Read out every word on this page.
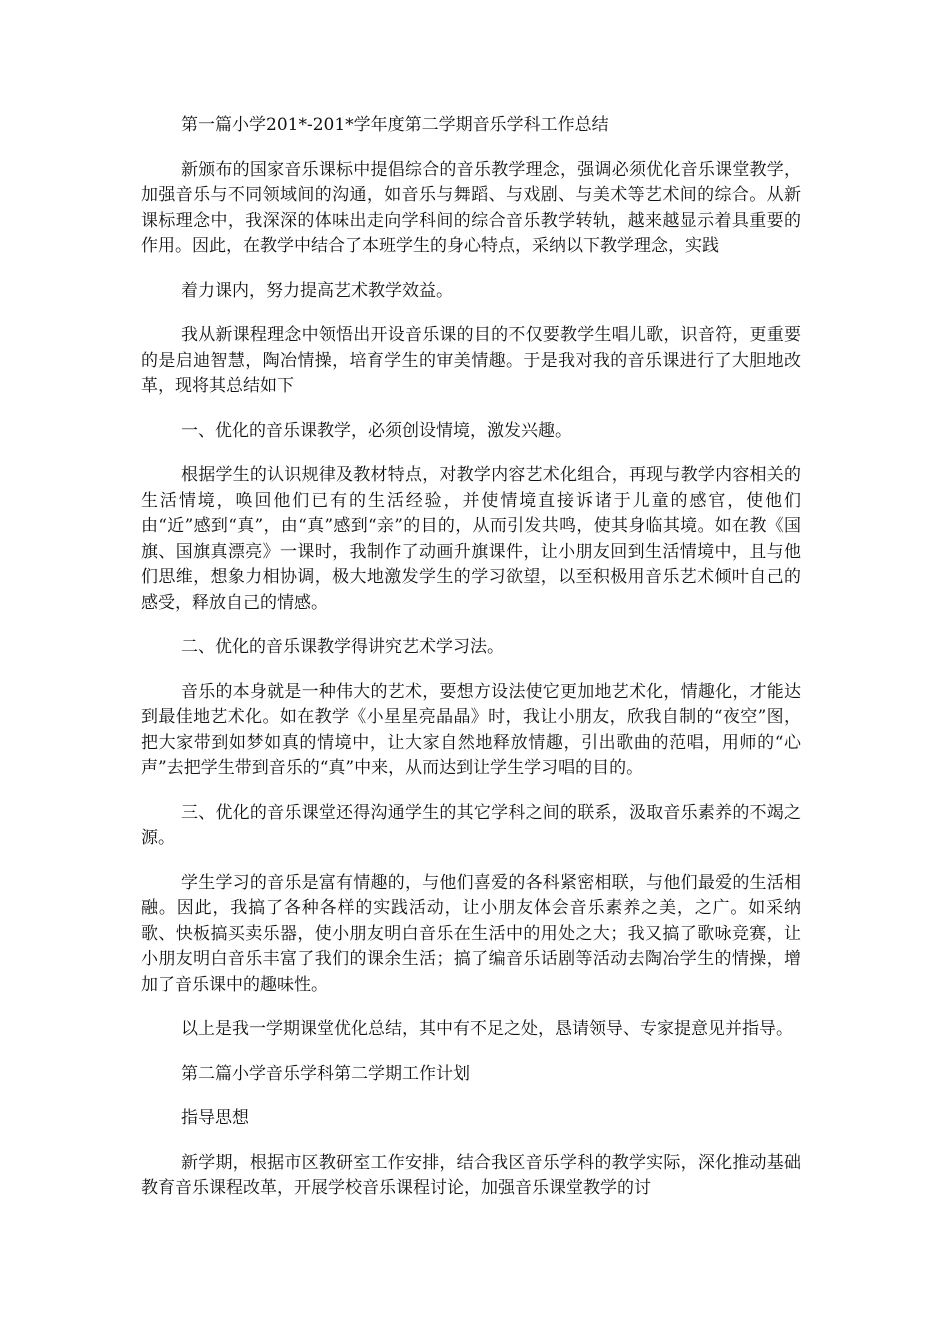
第一篇小学201*-201*学年度第二学期音乐学科工作总结

新颁布的国家音乐课标中提倡综合的音乐教学理念，强调必须优化音乐课堂教学，加强音乐与不同领域间的沟通，如音乐与舞蹈、与戏剧、与美术等艺术间的综合。从新课标理念中，我深深的体味出走向学科间的综合音乐教学转轨，越来越显示着具重要的作用。因此，在教学中结合了本班学生的身心特点，采纳以下教学理念，实践

着力课内，努力提高艺术教学效益。

我从新课程理念中领悟出开设音乐课的目的不仅要教学生唱儿歌，识音符，更重要的是启迪智慧，陶冶情操，培育学生的审美情趣。于是我对我的音乐课进行了大胆地改革，现将其总结如下

一、优化的音乐课教学，必须创设情境，激发兴趣。

根据学生的认识规律及教材特点，对教学内容艺术化组合，再现与教学内容相关的生活情境，唤回他们已有的生活经验，并使情境直接诉诸于儿童的感官，使他们由“近”感到“真”，由“真”感到“亲”的目的，从而引发共鸣，使其身临其境。如在教《国旗、国旗真漂亮》一课时，我制作了动画升旗课件，让小朋友回到生活情境中，且与他们思维，想象力相协调，极大地激发学生的学习欲望，以至积极用音乐艺术倾叶自己的感受，释放自己的情感。

二、优化的音乐课教学得讲究艺术学习法。

音乐的本身就是一种伟大的艺术，要想方设法使它更加地艺术化，情趣化，才能达到最佳地艺术化。如在教学《小星星亮晶晶》时，我让小朋友，欣我自制的“夜空”图，把大家带到如梦如真的情境中，让大家自然地释放情趣，引出歌曲的范唱，用师的“心声”去把学生带到音乐的“真”中来，从而达到让学生学习唱的目的。

三、优化的音乐课堂还得沟通学生的其它学科之间的联系，汲取音乐素养的不竭之源。

学生学习的音乐是富有情趣的，与他们喜爱的各科紧密相联，与他们最爱的生活相融。因此，我搞了各种各样的实践活动，让小朋友体会音乐素养之美，之广。如采纳歌、快板搞买卖乐器，使小朋友明白音乐在生活中的用处之大；我又搞了歌咏竞赛，让小朋友明白音乐丰富了我们的课余生活；搞了编音乐话剧等活动去陶冶学生的情操，增加了音乐课中的趣味性。

以上是我一学期课堂优化总结，其中有不足之处，恳请领导、专家提意见并指导。

第二篇小学音乐学科第二学期工作计划

指导思想

新学期，根据市区教研室工作安排，结合我区音乐学科的教学实际，深化推动基础教育音乐课程改革，开展学校音乐课程讨论，加强音乐课堂教学的讨
